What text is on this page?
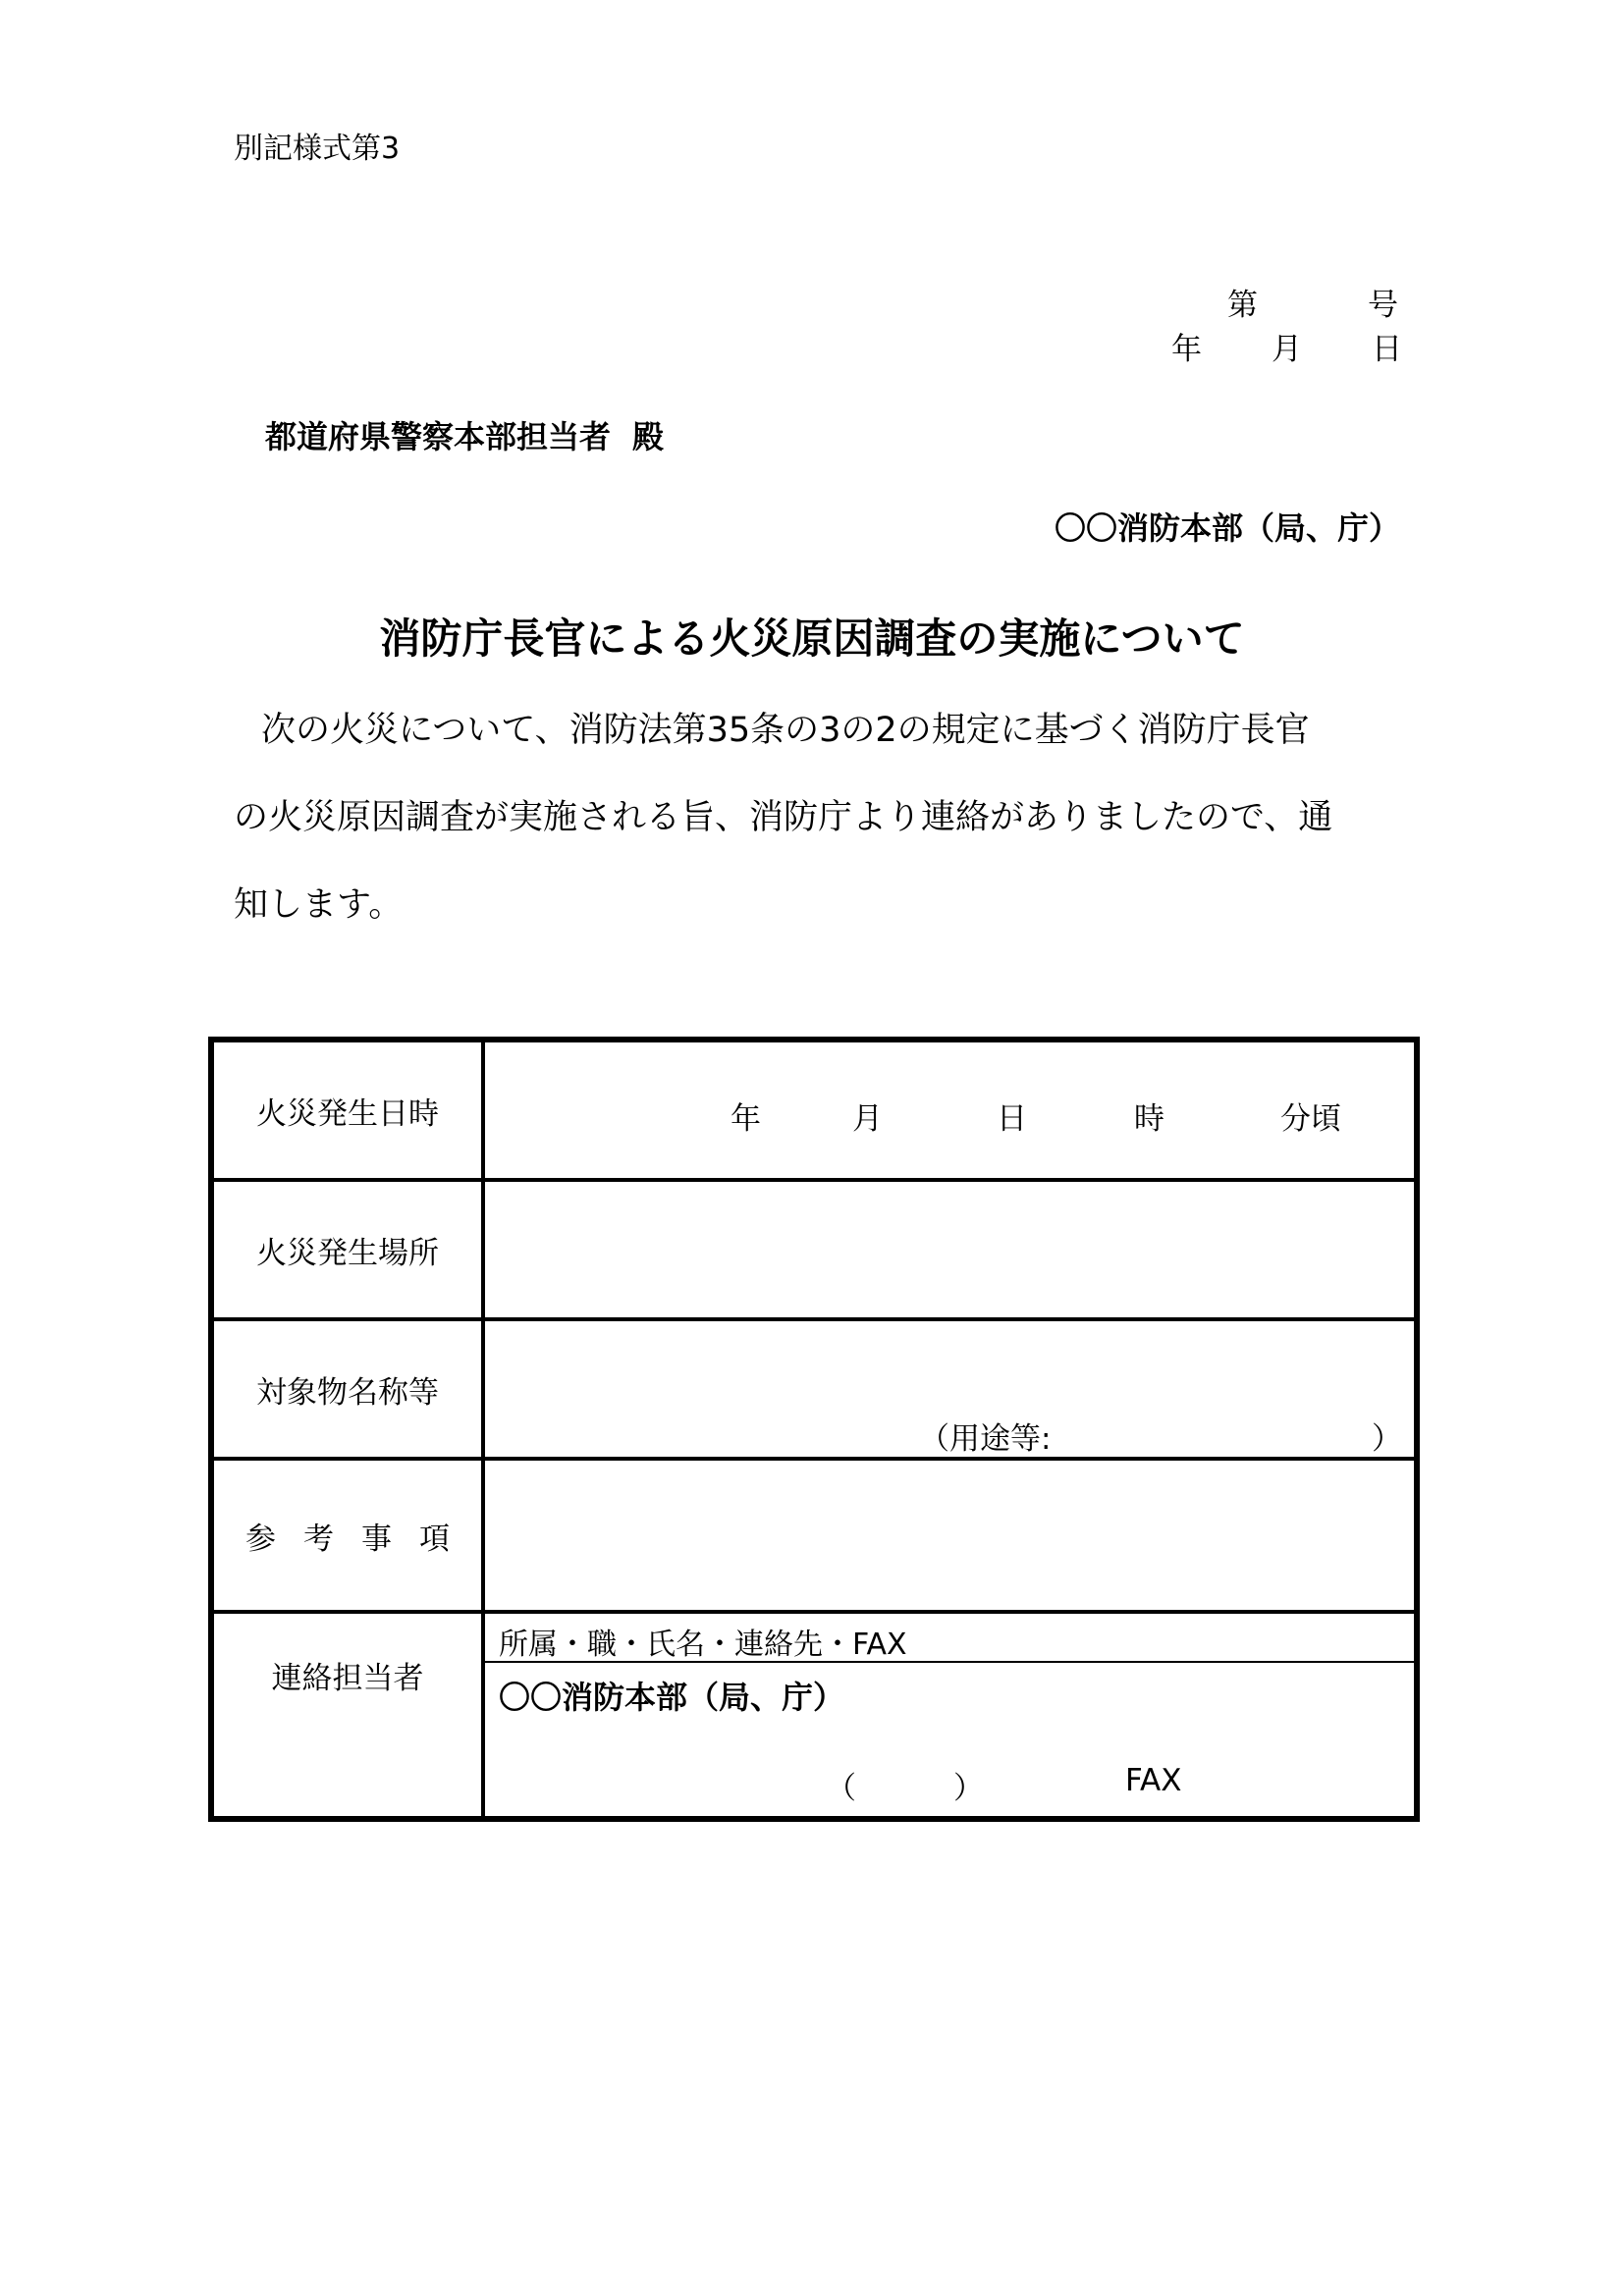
別記様式第3
第	号
年 月 日
都道府県警察本部担当者 殿
〇〇消防本部（局、庁）
消防庁長官による火災原因調査の実施について
次の火災について、消防法第35条の3の2の規定に基づく消防庁長官
の火災原因調査が実施される旨、消防庁より連絡がありましたので、通
知します。
火災発生日時	年 月 日 時 分頃

火災発生場所	
対象物名称等	（用途等: ）

参考事項	

連絡担当者	所属・職・氏名・連絡先・FAX
〇〇消防本部（局、庁）
（ ） FAX
